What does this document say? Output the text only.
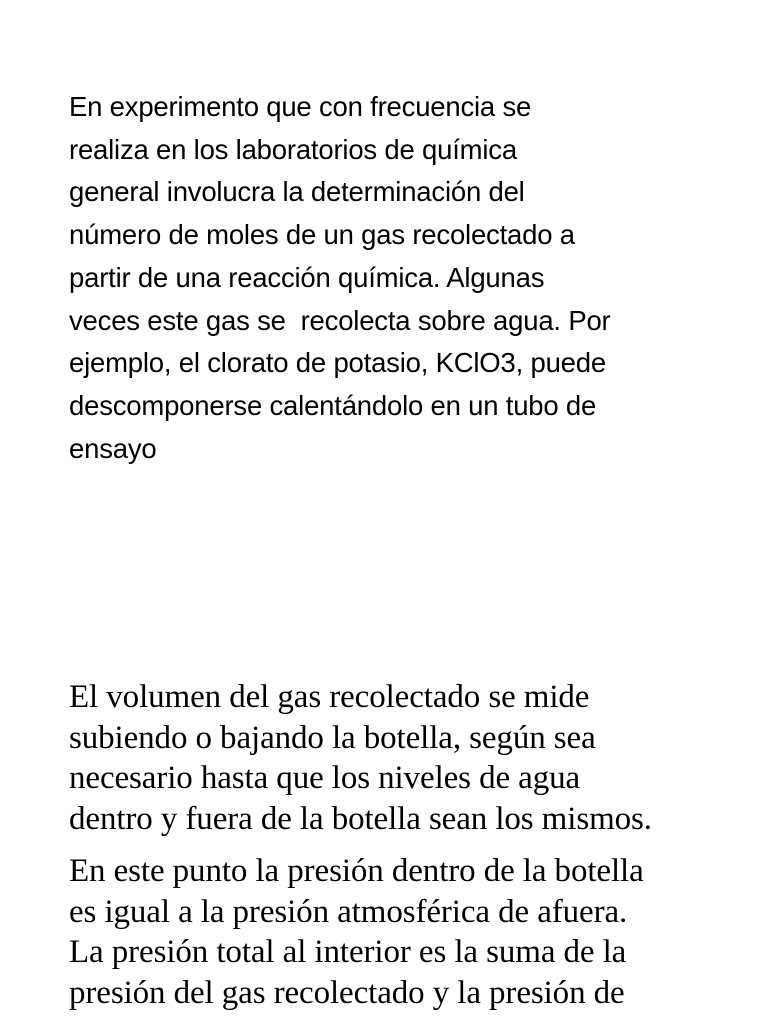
En experimento que con frecuencia se
realiza en los laboratorios de química
general involucra la determinación del
número de moles de un gas recolectado a
partir de una reacción química. Algunas
veces este gas se  recolecta sobre agua. Por
ejemplo, el clorato de potasio, KClO3, puede
descomponerse calentándolo en un tubo de
ensayo
El volumen del gas recolectado se mide
subiendo o bajando la botella, según sea
necesario hasta que los niveles de agua
dentro y fuera de la botella sean los mismos.
En este punto la presión dentro de la botella
es igual a la presión atmosférica de afuera.
La presión total al interior es la suma de la
presión del gas recolectado y la presión de
